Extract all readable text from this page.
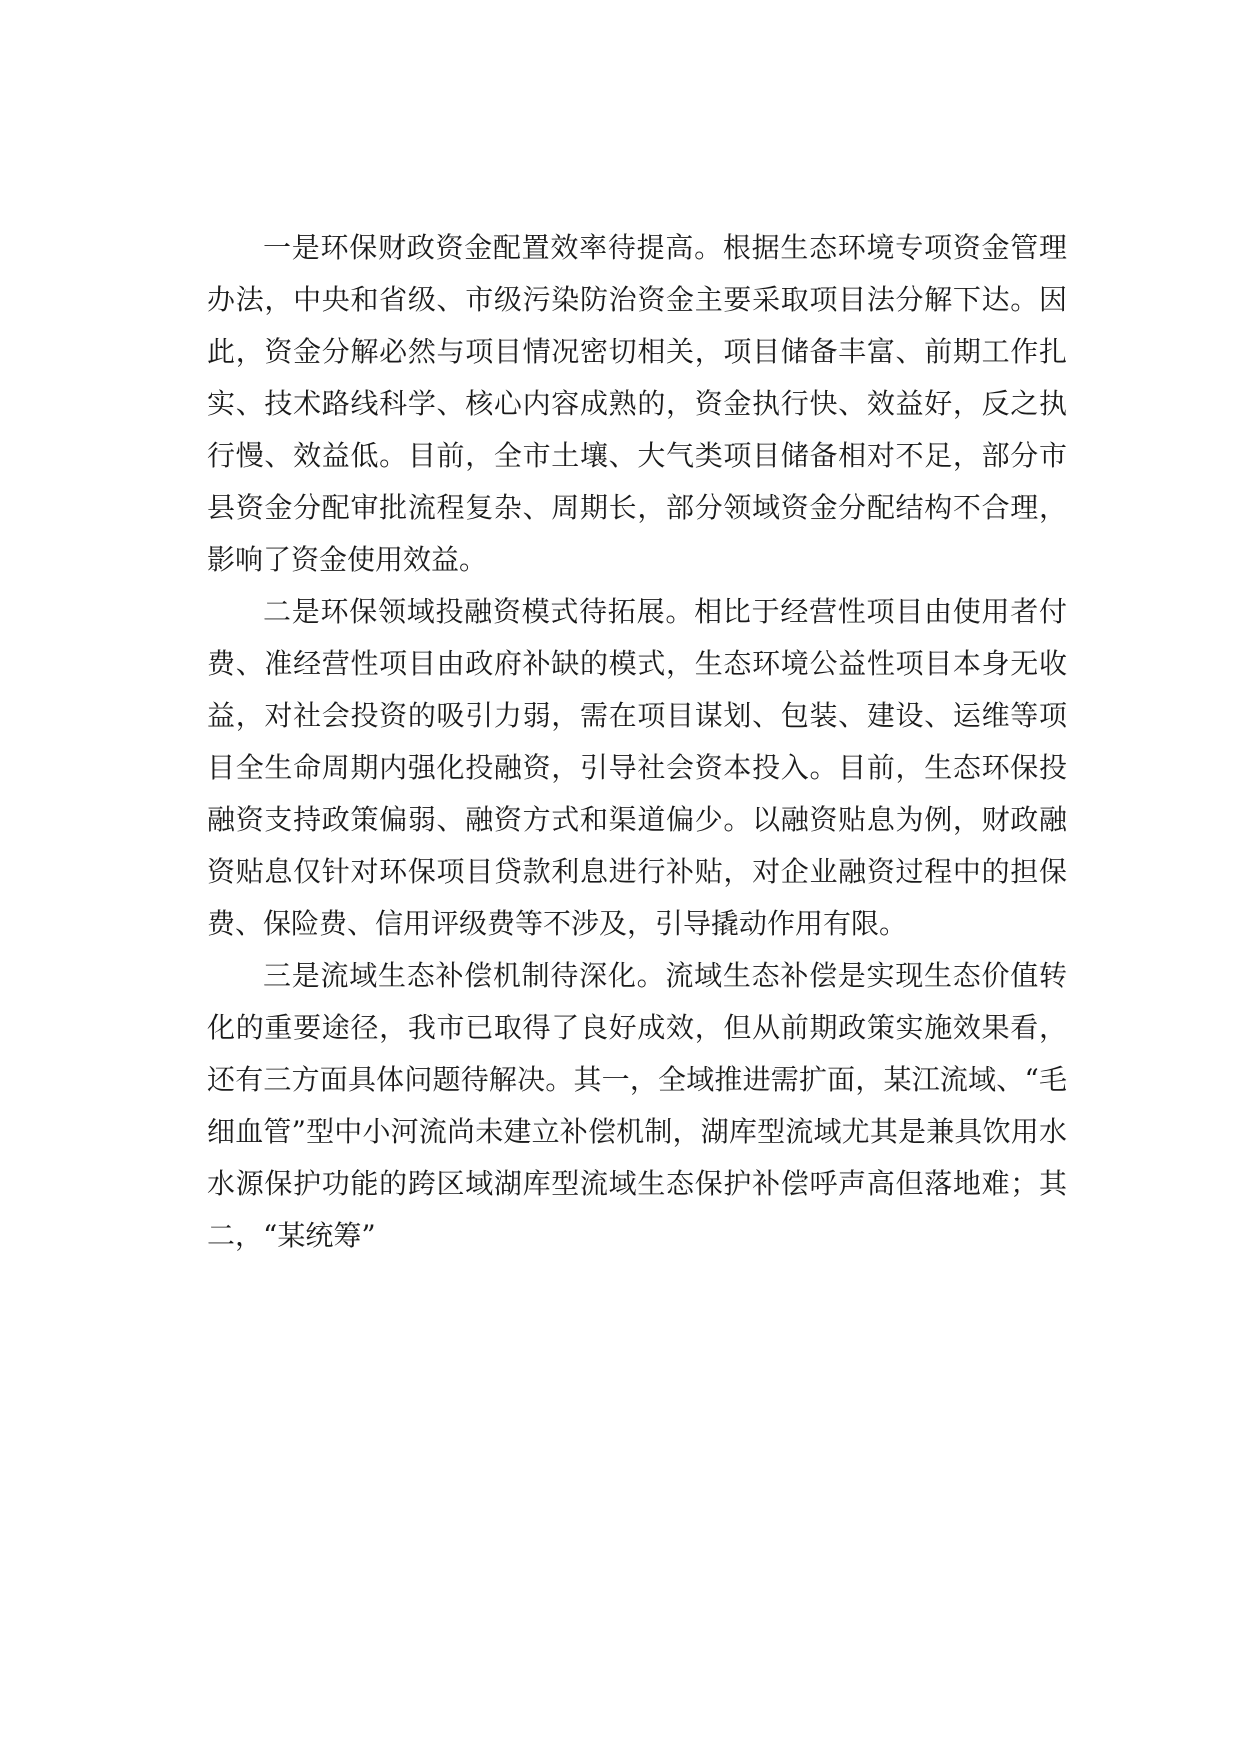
一是环保财政资金配置效率待提高。根据生态环境专项资金管理办法，中央和省级、市级污染防治资金主要采取项目法分解下达。因此，资金分解必然与项目情况密切相关，项目储备丰富、前期工作扎实、技术路线科学、核心内容成熟的，资金执行快、效益好，反之执行慢、效益低。目前，全市土壤、大气类项目储备相对不足，部分市县资金分配审批流程复杂、周期长，部分领域资金分配结构不合理，影响了资金使用效益。

二是环保领域投融资模式待拓展。相比于经营性项目由使用者付费、准经营性项目由政府补缺的模式，生态环境公益性项目本身无收益，对社会投资的吸引力弱，需在项目谋划、包装、建设、运维等项目全生命周期内强化投融资，引导社会资本投入。目前，生态环保投融资支持政策偏弱、融资方式和渠道偏少。以融资贴息为例，财政融资贴息仅针对环保项目贷款利息进行补贴，对企业融资过程中的担保费、保险费、信用评级费等不涉及，引导撬动作用有限。

三是流域生态补偿机制待深化。流域生态补偿是实现生态价值转化的重要途径，我市已取得了良好成效，但从前期政策实施效果看，还有三方面具体问题待解决。其一，全域推进需扩面，某江流域、“毛细血管”型中小河流尚未建立补偿机制，湖库型流域尤其是兼具饮用水水源保护功能的跨区域湖库型流域生态保护补偿呼声高但落地难；其二，“某统筹”
